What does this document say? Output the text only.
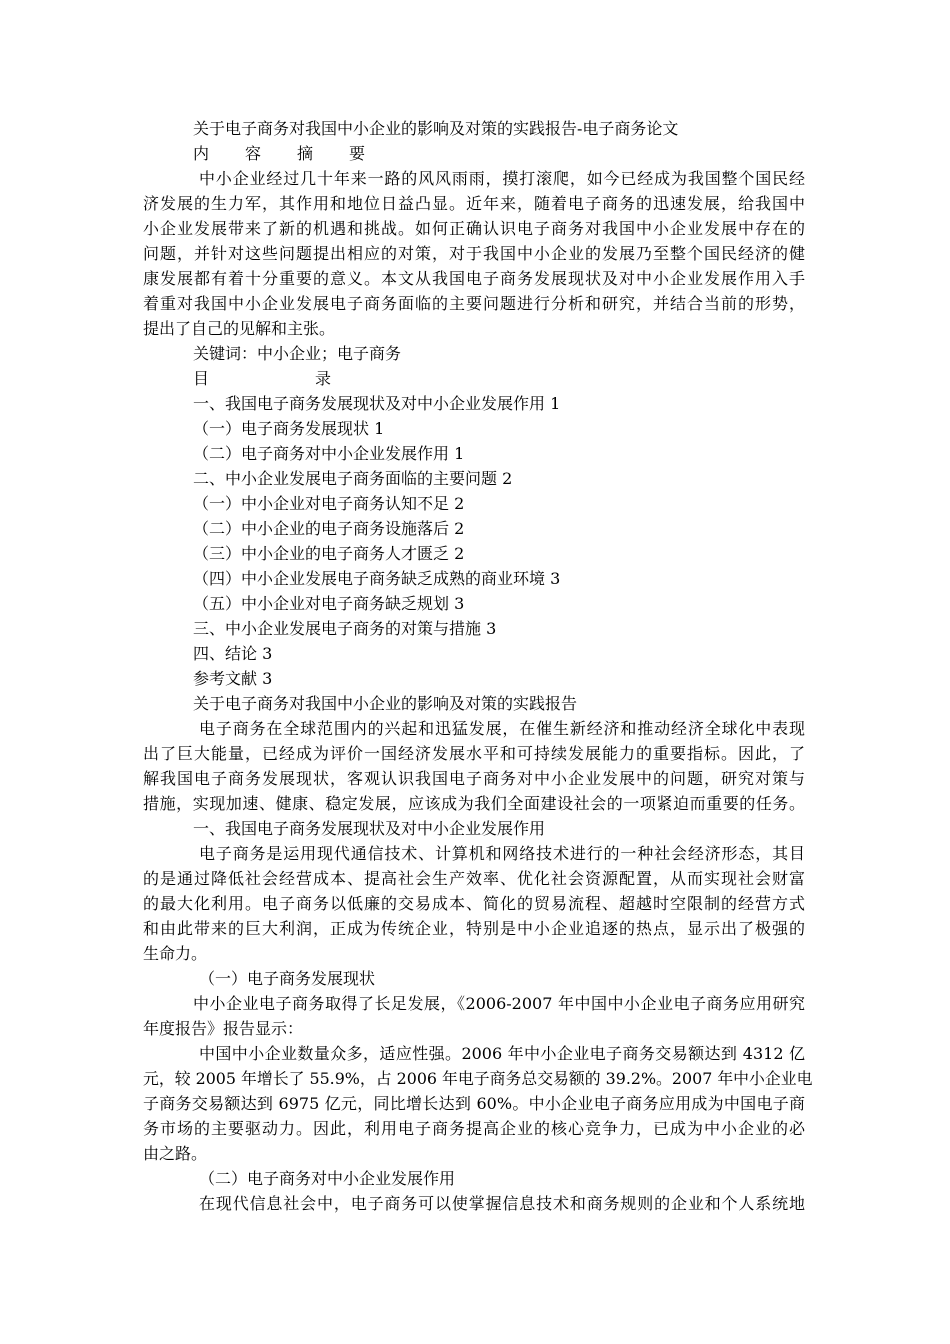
关于电子商务对我国中小企业的影响及对策的实践报告-电子商务论文
内 容 摘 要
中小企业经过几十年来一路的风风雨雨，摸打滚爬，如今已经成为我国整个国民经
济发展的生力军，其作用和地位日益凸显。近年来，随着电子商务的迅速发展，给我国中
小企业发展带来了新的机遇和挑战。如何正确认识电子商务对我国中小企业发展中存在的
问题，并针对这些问题提出相应的对策，对于我国中小企业的发展乃至整个国民经济的健
康发展都有着十分重要的意义。本文从我国电子商务发展现状及对中小企业发展作用入手
着重对我国中小企业发展电子商务面临的主要问题进行分析和研究，并结合当前的形势，
提出了自己的见解和主张。
关键词：中小企业；电子商务
目	录
一、我国电子商务发展现状及对中小企业发展作用 1
（一）电子商务发展现状 1
（二）电子商务对中小企业发展作用 1
二、中小企业发展电子商务面临的主要问题 2
（一）中小企业对电子商务认知不足 2
（二）中小企业的电子商务设施落后 2
（三）中小企业的电子商务人才匮乏 2
（四）中小企业发展电子商务缺乏成熟的商业环境 3
（五）中小企业对电子商务缺乏规划 3
三、中小企业发展电子商务的对策与措施 3
四、结论 3
参考文献 3
关于电子商务对我国中小企业的影响及对策的实践报告
电子商务在全球范围内的兴起和迅猛发展，在催生新经济和推动经济全球化中表现
出了巨大能量，已经成为评价一国经济发展水平和可持续发展能力的重要指标。因此，了
解我国电子商务发展现状，客观认识我国电子商务对中小企业发展中的问题，研究对策与
措施，实现加速、健康、稳定发展，应该成为我们全面建设社会的一项紧迫而重要的任务。
一、我国电子商务发展现状及对中小企业发展作用
电子商务是运用现代通信技术、计算机和网络技术进行的一种社会经济形态，其目
的是通过降低社会经营成本、提高社会生产效率、优化社会资源配置，从而实现社会财富
的最大化利用。电子商务以低廉的交易成本、简化的贸易流程、超越时空限制的经营方式
和由此带来的巨大利润，正成为传统企业，特别是中小企业追逐的热点，显示出了极强的
生命力。
（一）电子商务发展现状
中小企业电子商务取得了长足发展，《2006-2007 年中国中小企业电子商务应用研究
年度报告》报告显示：
中国中小企业数量众多，适应性强。2006 年中小企业电子商务交易额达到 4312 亿
元，较 2005 年增长了 55.9%，占 2006 年电子商务总交易额的 39.2%。2007 年中小企业电
子商务交易额达到 6975 亿元，同比增长达到 60%。中小企业电子商务应用成为中国电子商
务市场的主要驱动力。因此，利用电子商务提高企业的核心竞争力，已成为中小企业的必
由之路。
（二）电子商务对中小企业发展作用
在现代信息社会中，电子商务可以使掌握信息技术和商务规则的企业和个人系统地
